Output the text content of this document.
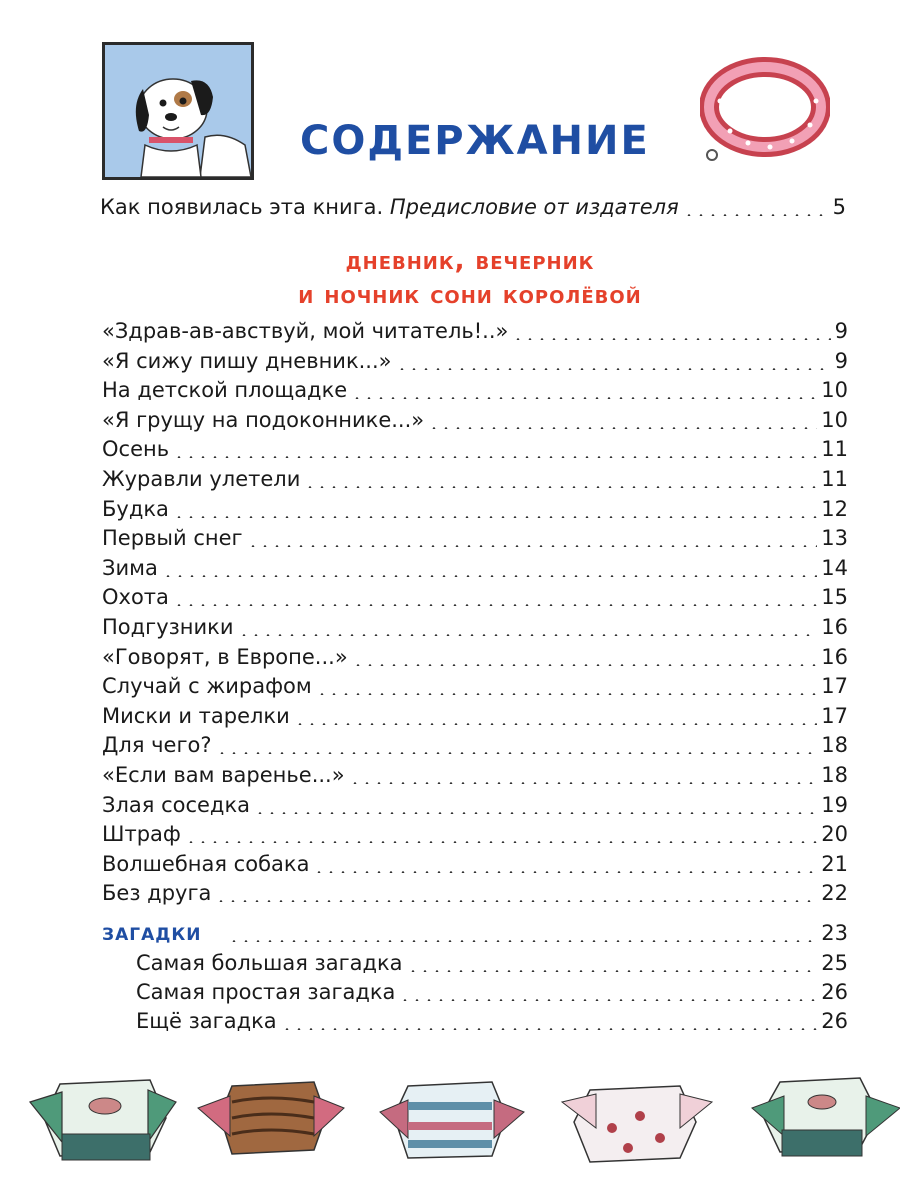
СОДЕРЖАНИЕ
Как появилась эта книга. Предисловие от издателя	5
дневник, вечерник
и ночник сони королёвой
«Здрав-ав-авствуй, мой читатель!..»	9
«Я сижу пишу дневник...»	9
На детской площадке	10
«Я грущу на подоконнике...»	10
Осень	11
Журавли улетели	11
Будка	12
Первый снег	13
Зима	14
Охота	15
Подгузники	16
«Говорят, в Европе...»	16
Случай с жирафом	17
Миски и тарелки	17
Для чего?	18
«Если вам варенье...»	18
Злая соседка	19
Штраф	20
Волшебная собака	21
Без друга	22
ЗАГАДКИ	23
Самая большая загадка	25
Самая простая загадка	26
Ещё загадка	26
